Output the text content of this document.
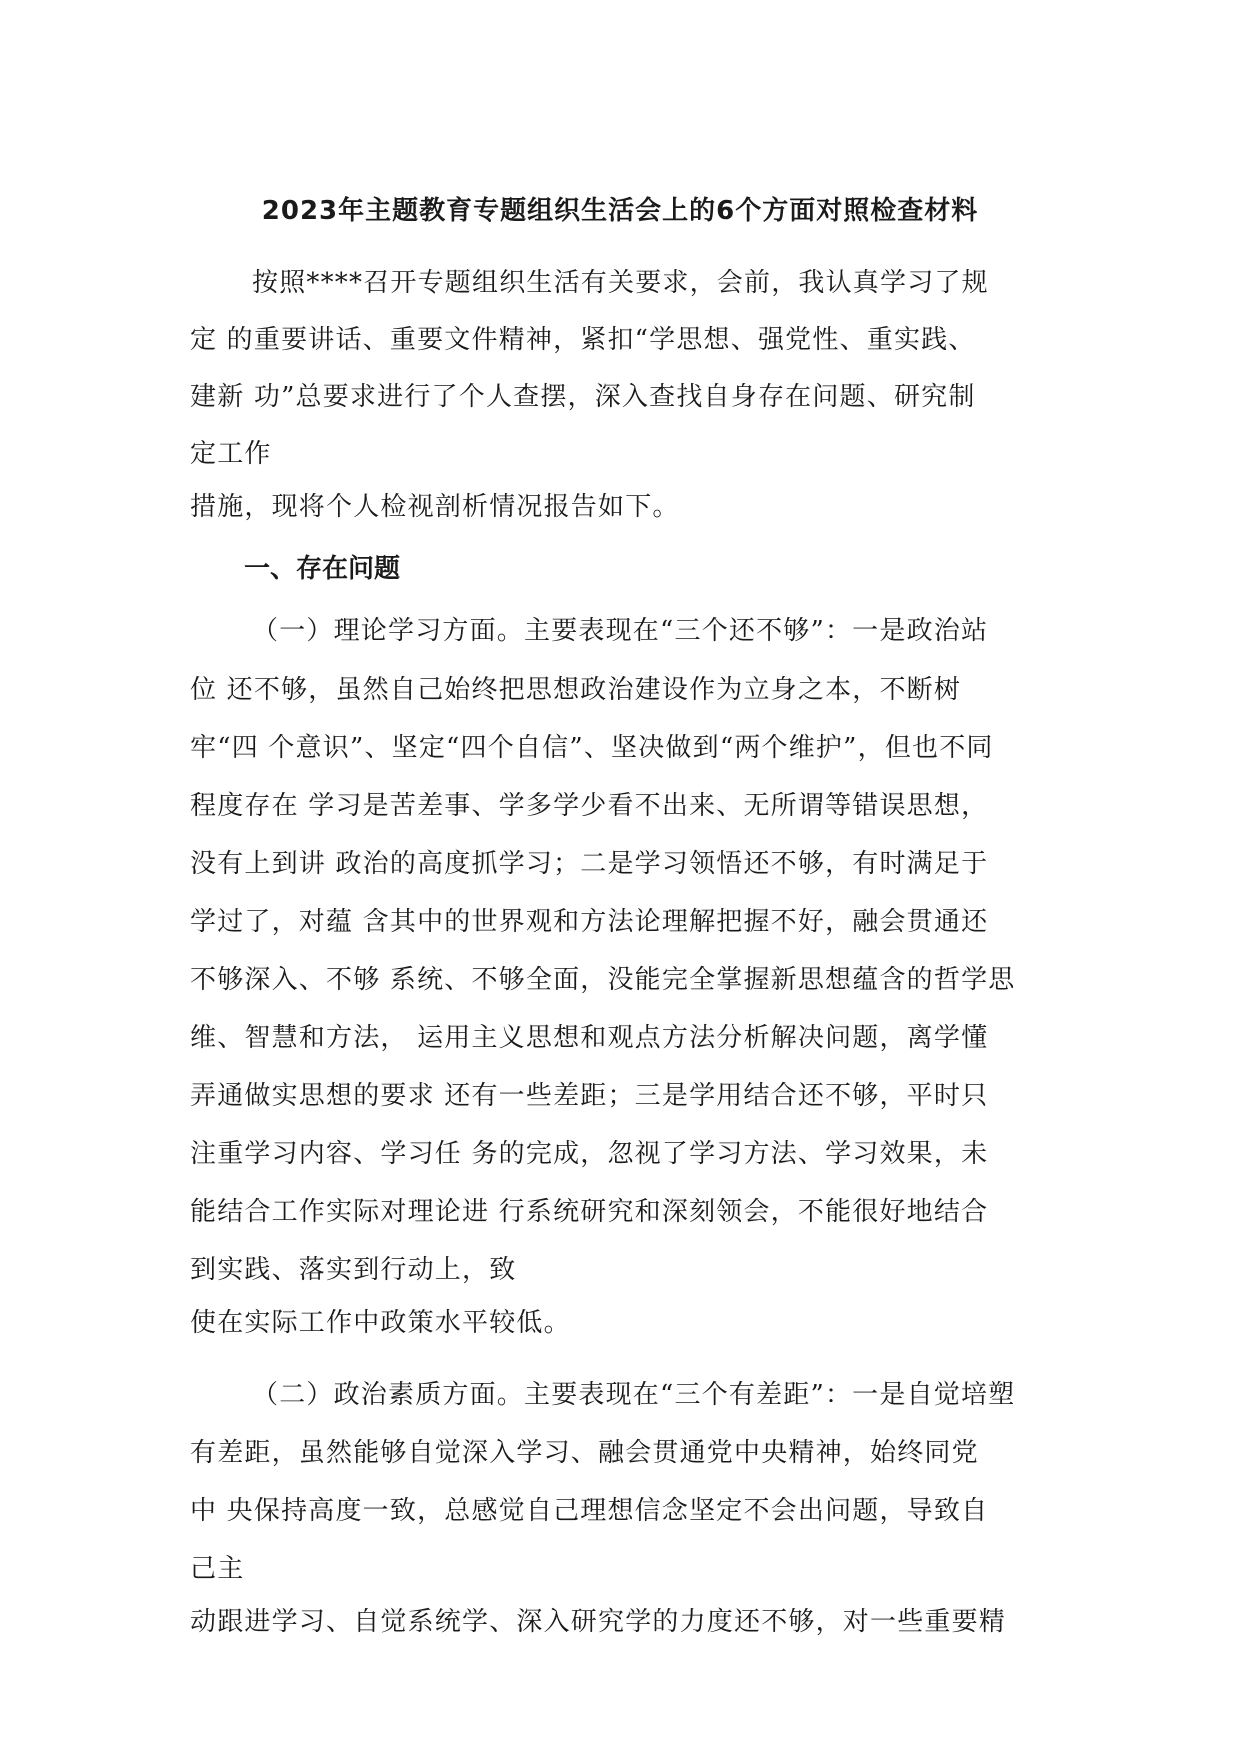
2023年主题教育专题组织生活会上的6个方面对照检查材料
按照****召开专题组织生活有关要求，会前，我认真学习了规
定 的重要讲话、重要文件精神，紧扣“学思想、强党性、重实践、
建新 功”总要求进行了个人查摆，深入查找自身存在问题、研究制
定工作
措施，现将个人检视剖析情况报告如下。
一、存在问题
（一）理论学习方面。主要表现在“三个还不够”：一是政治站
位 还不够，虽然自己始终把思想政治建设作为立身之本，不断树
牢“四 个意识”、坚定“四个自信”、坚决做到“两个维护”，但也不同
程度存在 学习是苦差事、学多学少看不出来、无所谓等错误思想，
没有上到讲 政治的高度抓学习；二是学习领悟还不够，有时满足于
学过了，对蕴 含其中的世界观和方法论理解把握不好，融会贯通还
不够深入、不够 系统、不够全面，没能完全掌握新思想蕴含的哲学思
维、智慧和方法， 运用主义思想和观点方法分析解决问题，离学懂
弄通做实思想的要求 还有一些差距；三是学用结合还不够，平时只
注重学习内容、学习任 务的完成，忽视了学习方法、学习效果，未
能结合工作实际对理论进 行系统研究和深刻领会，不能很好地结合
到实践、落实到行动上，致
使在实际工作中政策水平较低。
（二）政治素质方面。主要表现在“三个有差距”：一是自觉培塑
有差距，虽然能够自觉深入学习、融会贯通党中央精神，始终同党
中 央保持高度一致，总感觉自己理想信念坚定不会出问题，导致自
己主
动跟进学习、自觉系统学、深入研究学的力度还不够，对一些重要精
